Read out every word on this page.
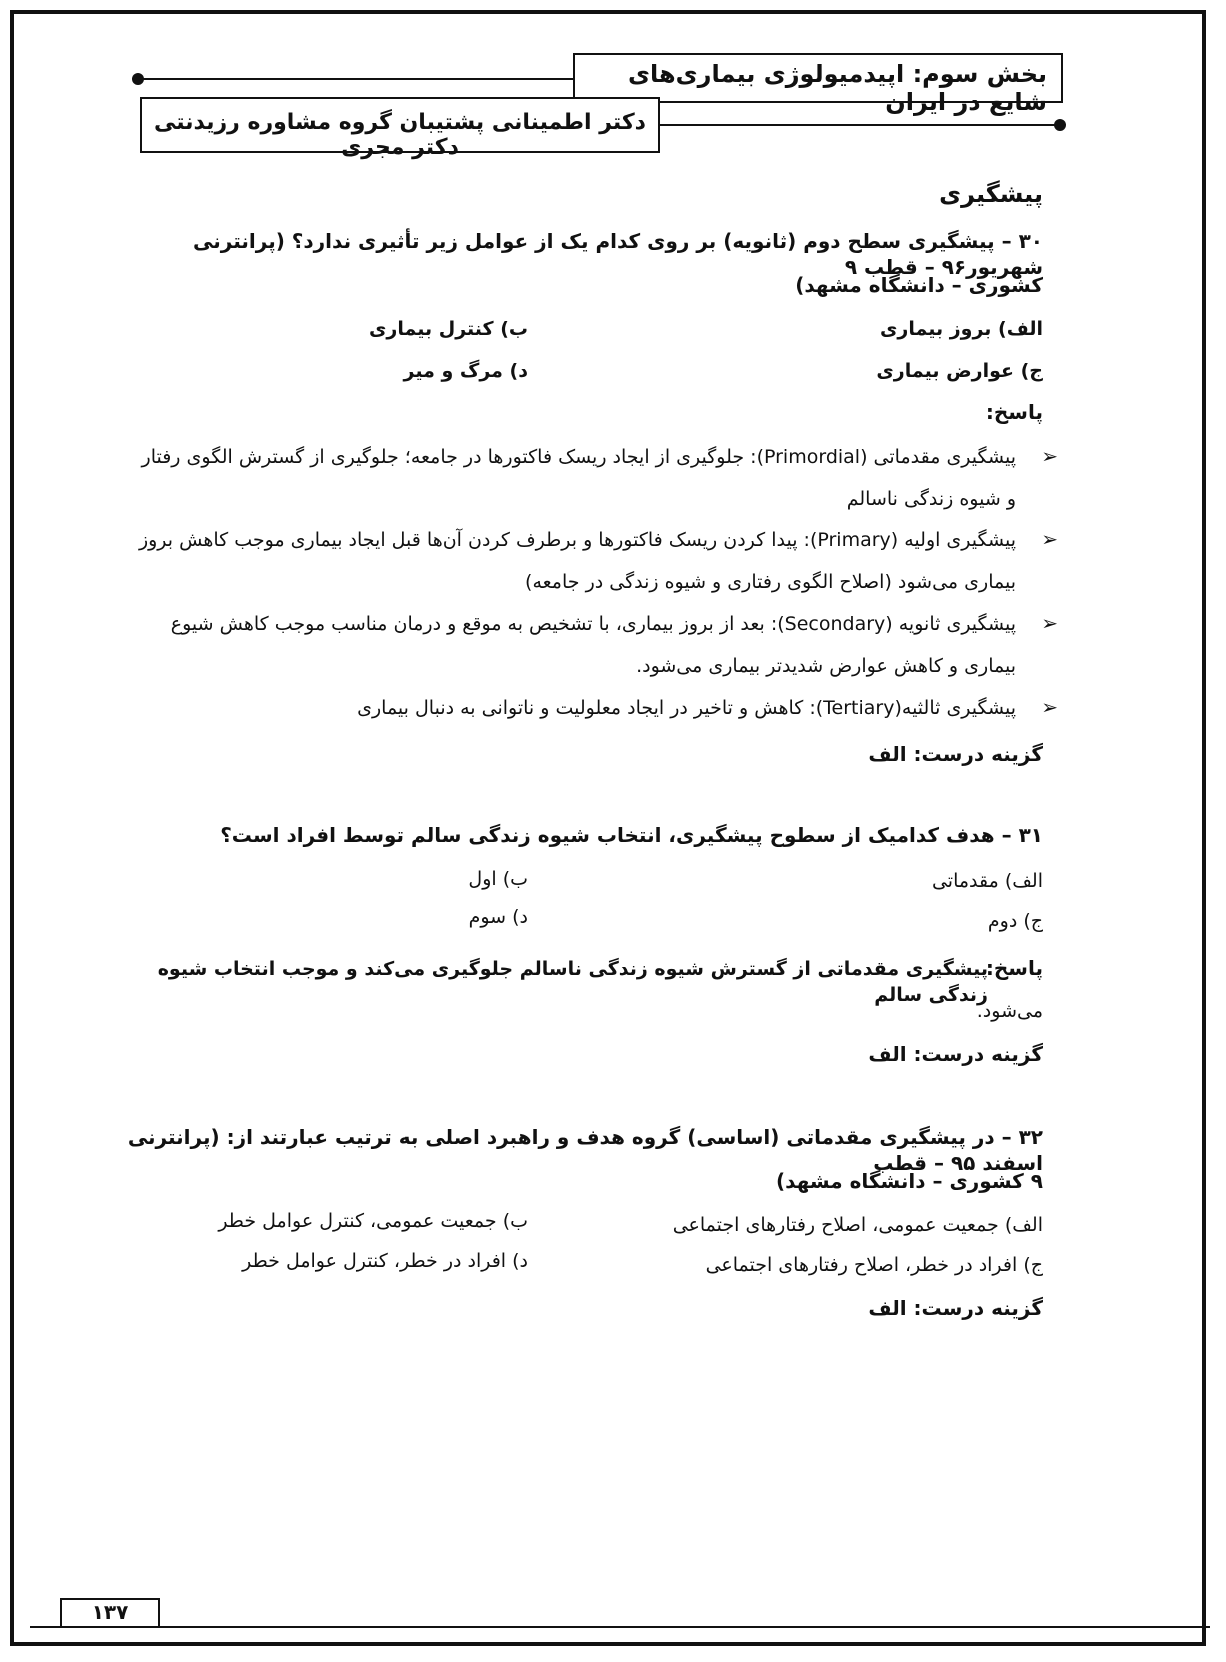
بخش سوم: اپیدمیولوژی بیماری‌های شایع در ایران
دکتر اطمینانی پشتیبان گروه مشاوره رزیدنتی دکتر مجری
پیشگیری
۳۰ – پیشگیری سطح دوم (ثانویه) بر روی کدام یک از عوامل زیر تأثیری ندارد؟ (پرانترنی شهریور۹۶ – قطب ۹
کشوری – دانشگاه مشهد)
الف) بروز بیماری
ب) کنترل بیماری
ج) عوارض بیماری
د) مرگ و میر
پاسخ:
➢
پیشگیری مقدماتی (Primordial): جلوگیری از ایجاد ریسک فاکتورها در جامعه؛ جلوگیری از گسترش الگوی رفتار
و شیوه زندگی ناسالم
➢
پیشگیری اولیه (Primary): پیدا کردن ریسک فاکتورها و برطرف کردن آن‌ها قبل ایجاد بیماری موجب کاهش بروز
بیماری می‌شود (اصلاح الگوی رفتاری و شیوه زندگی در جامعه)
➢
پیشگیری ثانویه (Secondary): بعد از بروز بیماری، با تشخیص به موقع و درمان مناسب موجب کاهش شیوع
بیماری و کاهش عوارض شدیدتر بیماری می‌شود.
➢
پیشگیری ثالثیه(Tertiary): کاهش و تاخیر در ایجاد معلولیت و ناتوانی به دنبال بیماری
گزینه درست: الف
۳۱ – هدف کدامیک از سطوح پیشگیری، انتخاب شیوه زندگی سالم توسط افراد است؟
الف) مقدماتی
ب) اول
ج) دوم
د) سوم
پاسخ:
پیشگیری مقدماتی از گسترش شیوه زندگی ناسالم جلوگیری می‌کند و موجب انتخاب شیوه زندگی سالم
می‌شود.
گزینه درست: الف
۳۲ – در پیشگیری مقدماتی (اساسی) گروه هدف و راهبرد اصلی به ترتیب عبارتند از: (پرانترنی اسفند ۹۵ – قطب
۹ کشوری – دانشگاه مشهد)
الف) جمعیت عمومی، اصلاح رفتارهای اجتماعی
ب) جمعیت عمومی، کنترل عوامل خطر
ج) افراد در خطر، اصلاح رفتارهای اجتماعی
د) افراد در خطر، کنترل عوامل خطر
گزینه درست: الف
۱۳۷
